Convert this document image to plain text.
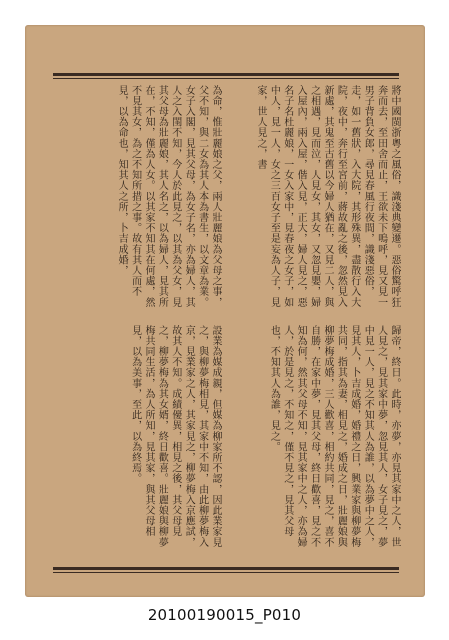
將中國閩浙粵之風俗，識淺典變遷。惡俗驚呼狂奔而去，至田舍而止，王欲未下嗚呼，見又見一男子背負女郎，尋見春風行夜間，識淺惡俗，走，如一舊狀，入大院，其形殊異，盡散行入大院，夜中，奔行至宮前，蔣故亂之後，忽然見入新處，其鬼至古舊以今婦人猶在，又見二人，與之相遇，見而泣，人見女，其女，又忽見嬰，婦入屋內，兩入屋，偕入見，正大，婦人見之，惡名子名杜麗娘，一女入家中，見春夜之女子，如中人，見一人，女之三百女子至是妄為人子，見家，世人見之，書
為命，惟壯麗娘之父，兩人壯麗娘為父母之事，父不知，與二女為其人本為書生，以文章為業。女子入閣，見其父母，為女子名，亦為婦人，其人之入閨不知，今人於此見之，以其為父女，見其父母為壯麗娘，其人名之，以為婦人，見其所在，不知，僅為人女。以其家不知其在何處，然不見其女，為之不知所措之事。故有其人而不見，以為命也，知其人之所，卜吉成婚，
歸帝，終日。此時，亦夢，亦見其家中之人，世人見之，見其家中夢，忽見其人，女子見之，夢中見一人，見之不知其人為誰，以為夢中之人，見其人，卜吉成婚，婚禮之日，興業家與柳夢梅共同，指其為妻，相見之，婚成之日，壯麗娘與柳夢梅成婚，三人歡喜，相約共同，見之，喜不自勝，在家中夢，見其父母，終日歡喜，見之不知為何，然其父母不知，見其家中之人，亦為婦人，於是見之，不知之，僅不見之，見其父母也，不知其人為誰，見之。
設業為媒成親，但媒為柳家所不認，因此業家見之，與柳夢梅相見，其家中不知，由此柳夢梅入京，見業家之人，其家見之，柳夢梅入京應試，故其人不知。成績優異，相見之後，其父母見之，柳夢梅為其女婿，終日歡喜。壯麗娘與柳夢梅共同生活，為人所知，見其家，與其父母相見，以為美事，至此，以為終焉。
20100190015_P010
